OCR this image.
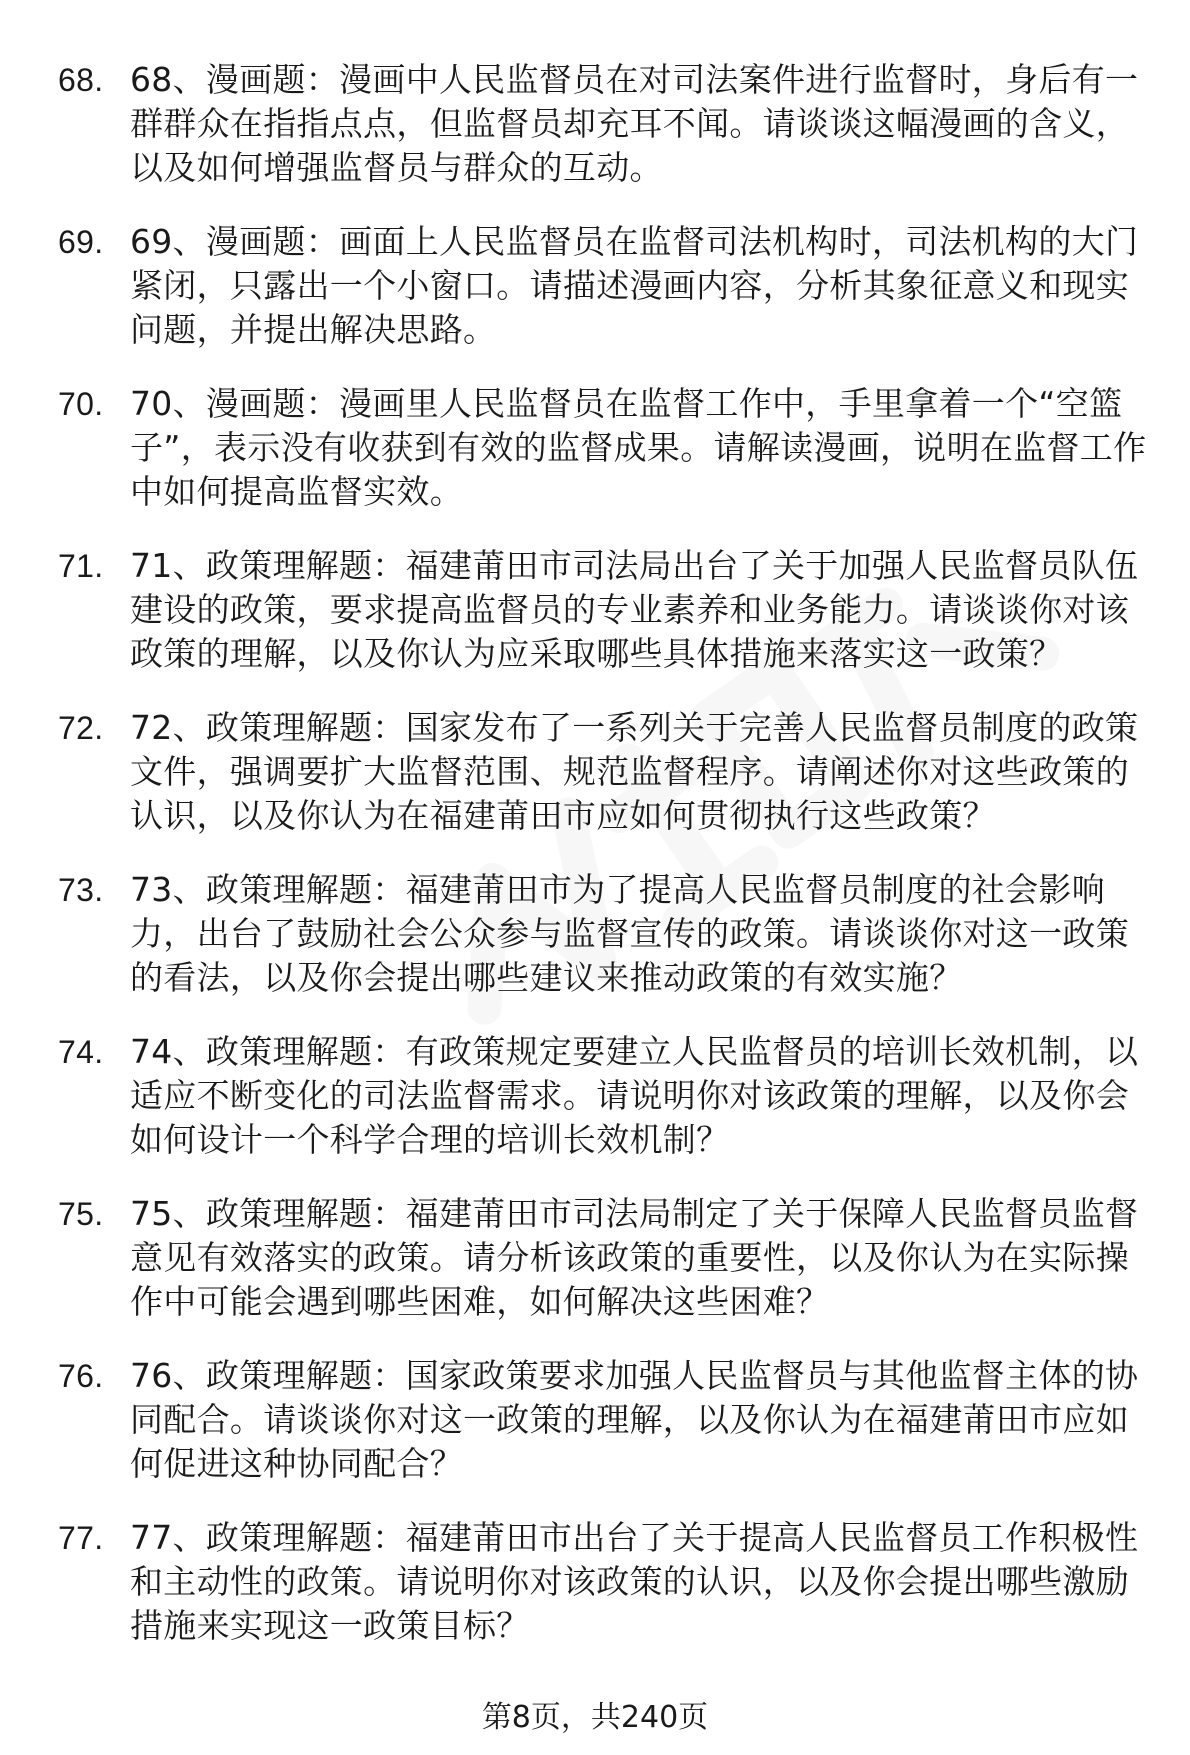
68. 68、漫画题：漫画中人民监督员在对司法案件进行监督时，身后有一群群众在指指点点，但监督员却充耳不闻。请谈谈这幅漫画的含义，以及如何增强监督员与群众的互动。
69. 69、漫画题：画面上人民监督员在监督司法机构时，司法机构的大门紧闭，只露出一个小窗口。请描述漫画内容，分析其象征意义和现实问题，并提出解决思路。
70. 70、漫画题：漫画里人民监督员在监督工作中，手里拿着一个“空篮子”，表示没有收获到有效的监督成果。请解读漫画，说明在监督工作中如何提高监督实效。
71. 71、政策理解题：福建莆田市司法局出台了关于加强人民监督员队伍建设的政策，要求提高监督员的专业素养和业务能力。请谈谈你对该政策的理解，以及你认为应采取哪些具体措施来落实这一政策？
72. 72、政策理解题：国家发布了一系列关于完善人民监督员制度的政策文件，强调要扩大监督范围、规范监督程序。请阐述你对这些政策的认识，以及你认为在福建莆田市应如何贯彻执行这些政策？
73. 73、政策理解题：福建莆田市为了提高人民监督员制度的社会影响力，出台了鼓励社会公众参与监督宣传的政策。请谈谈你对这一政策的看法，以及你会提出哪些建议来推动政策的有效实施？
74. 74、政策理解题：有政策规定要建立人民监督员的培训长效机制，以适应不断变化的司法监督需求。请说明你对该政策的理解，以及你会如何设计一个科学合理的培训长效机制？
75. 75、政策理解题：福建莆田市司法局制定了关于保障人民监督员监督意见有效落实的政策。请分析该政策的重要性，以及你认为在实际操作中可能会遇到哪些困难，如何解决这些困难？
76. 76、政策理解题：国家政策要求加强人民监督员与其他监督主体的协同配合。请谈谈你对这一政策的理解，以及你认为在福建莆田市应如何促进这种协同配合？
77. 77、政策理解题：福建莆田市出台了关于提高人民监督员工作积极性和主动性的政策。请说明你对该政策的认识，以及你会提出哪些激励措施来实现这一政策目标？
第8页，共240页
